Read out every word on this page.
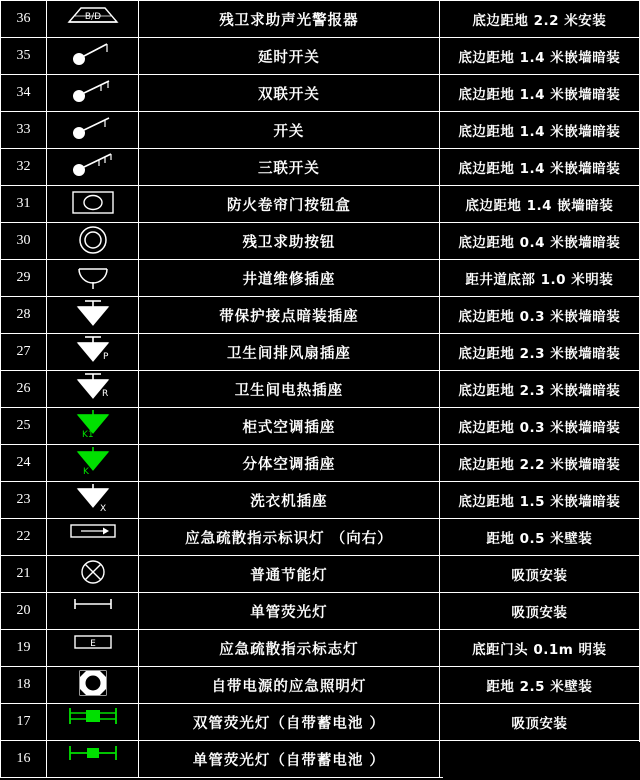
36	B/D	残卫求助声光警报器	底边距地 2.2 米安装
35		延时开关	底边距地 1.4 米嵌墙暗装
34		双联开关	底边距地 1.4 米嵌墙暗装
33		开关	底边距地 1.4 米嵌墙暗装
32		三联开关	底边距地 1.4 米嵌墙暗装
31		防火卷帘门按钮盒	底边距地 1.4 嵌墙暗装
30		残卫求助按钮	底边距地 0.4 米嵌墙暗装
29		井道维修插座	距井道底部 1.0 米明装
28		带保护接点暗装插座	底边距地 0.3 米嵌墙暗装
27	P	卫生间排风扇插座	底边距地 2.3 米嵌墙暗装
26	R	卫生间电热插座	底边距地 2.3 米嵌墙暗装
25	K1	柜式空调插座	底边距地 0.3 米嵌墙暗装
24	K	分体空调插座	底边距地 2.2 米嵌墙暗装
23	X	洗衣机插座	底边距地 1.5 米嵌墙暗装
22		应急疏散指示标识灯 （向右）	距地 0.5 米壁装
21		普通节能灯	吸顶安装
20		单管荧光灯	吸顶安装
19	E	应急疏散指示标志灯	底距门头 0.1m 明装
18		自带电源的应急照明灯	距地 2.5 米壁装
17		双管荧光灯（自带蓄电池 ）	吸顶安装
16		单管荧光灯（自带蓄电池 ）	
